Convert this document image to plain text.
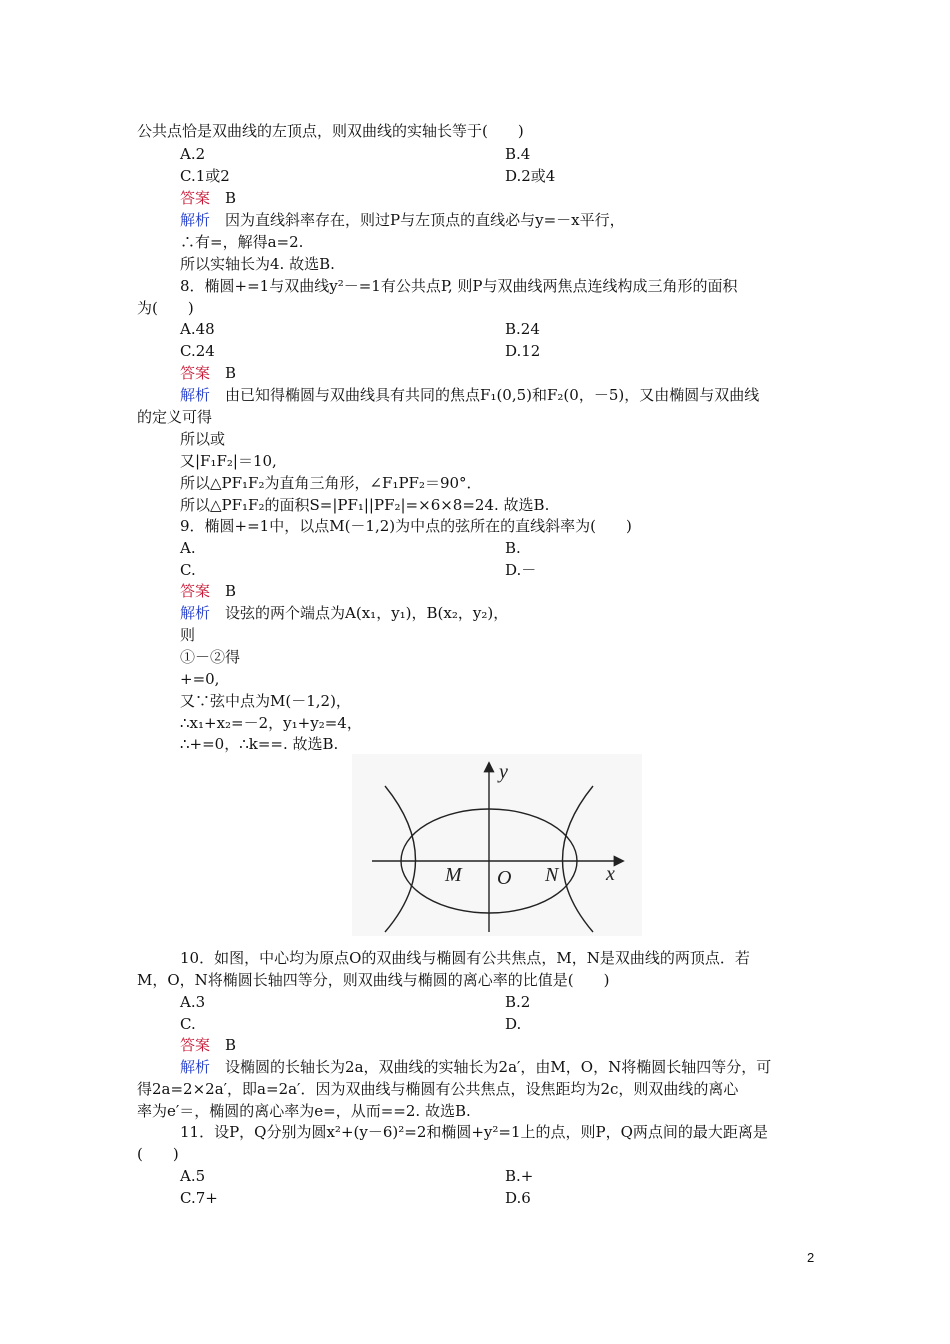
公共点恰是双曲线的左顶点，则双曲线的实轴长等于(　　)
A.2	B.4
C.1或2	D.2或4
答案　 B
解析　 因为直线斜率存在，则过P与左顶点的直线必与y=－x平行，
∴有=，解得a=2.
所以实轴长为4. 故选B.
8．椭圆+=1与双曲线y²－=1有公共点P, 则P与双曲线两焦点连线构成三角形的面积
为(　　)
A.48	B.24
C.24	D.12
答案　 B
解析　 由已知得椭圆与双曲线具有共同的焦点F₁(0,5)和F₂(0，－5)，又由椭圆与双曲线
的定义可得
所以或
又|F₁F₂|＝10,
所以△PF₁F₂为直角三角形，∠F₁PF₂＝90°．
所以△PF₁F₂的面积S=|PF₁||PF₂|=×6×8=24. 故选B.
9．椭圆+=1中，以点M(－1,2)为中点的弦所在的直线斜率为(　　)
A.	B.
C.	D.－
答案　 B
解析　 设弦的两个端点为A(x₁，y₁)，B(x₂，y₂)，
则
①－②得
+=0,
又∵弦中点为M(－1,2)，
∴x₁+x₂=－2，y₁+y₂=4，
∴+=0，∴k==. 故选B.
y
x
M O N
10．如图，中心均为原点O的双曲线与椭圆有公共焦点，M，N是双曲线的两顶点．若
M，O，N将椭圆长轴四等分，则双曲线与椭圆的离心率的比值是(　　)
A.3	B.2
C.	D.
答案　 B
解析　 设椭圆的长轴长为2a，双曲线的实轴长为2a′，由M，O，N将椭圆长轴四等分，可
得2a=2×2a′，即a=2a′．因为双曲线与椭圆有公共焦点，设焦距均为2c，则双曲线的离心
率为e′＝，椭圆的离心率为e=，从而==2. 故选B.
11．设P，Q分别为圆x²+(y－6)²=2和椭圆+y²=1上的点，则P，Q两点间的最大距离是
(　　)
A.5	B.+
C.7+	D.6
2
